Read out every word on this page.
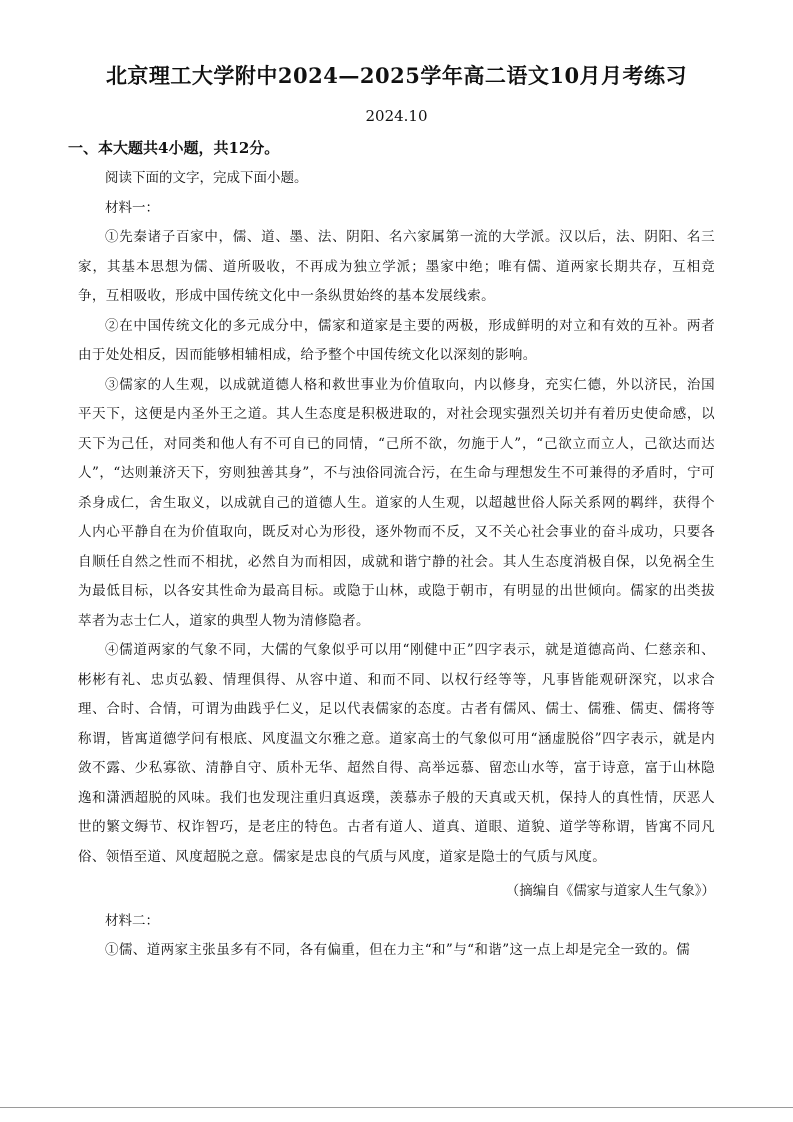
北京理工大学附中2024—2025学年高二语文10月月考练习
2024.10
一、本大题共4小题，共12分。

阅读下面的文字，完成下面小题。

材料一：

①先秦诸子百家中，儒、道、墨、法、阴阳、名六家属第一流的大学派。汉以后，法、阴阳、名三家，其基本思想为儒、道所吸收，不再成为独立学派；墨家中绝；唯有儒、道两家长期共存，互相竞争，互相吸收，形成中国传统文化中一条纵贯始终的基本发展线索。

②在中国传统文化的多元成分中，儒家和道家是主要的两极，形成鲜明的对立和有效的互补。两者由于处处相反，因而能够相辅相成，给予整个中国传统文化以深刻的影响。

③儒家的人生观，以成就道德人格和救世事业为价值取向，内以修身，充实仁德，外以济民，治国平天下，这便是内圣外王之道。其人生态度是积极进取的，对社会现实强烈关切并有着历史使命感，以天下为己任，对同类和他人有不可自已的同情，“己所不欲，勿施于人”，“己欲立而立人，己欲达而达人”，“达则兼济天下，穷则独善其身”，不与浊俗同流合污，在生命与理想发生不可兼得的矛盾时，宁可杀身成仁，舍生取义，以成就自己的道德人生。道家的人生观，以超越世俗人际关系网的羁绊，获得个人内心平静自在为价值取向，既反对心为形役，逐外物而不反，又不关心社会事业的奋斗成功，只要各自顺任自然之性而不相扰，必然自为而相因，成就和谐宁静的社会。其人生态度消极自保，以免祸全生为最低目标，以各安其性命为最高目标。或隐于山林，或隐于朝市，有明显的出世倾向。儒家的出类拔萃者为志士仁人，道家的典型人物为清修隐者。

④儒道两家的气象不同，大儒的气象似乎可以用“刚健中正”四字表示，就是道德高尚、仁慈亲和、彬彬有礼、忠贞弘毅、情理俱得、从容中道、和而不同、以权行经等等，凡事皆能观研深究，以求合理、合时、合情，可谓为曲践乎仁义，足以代表儒家的态度。古者有儒风、儒士、儒雅、儒吏、儒将等称谓，皆寓道德学问有根底、风度温文尔雅之意。道家高士的气象似可用“涵虚脱俗”四字表示，就是内敛不露、少私寡欲、清静自守、质朴无华、超然自得、高举远慕、留恋山水等，富于诗意，富于山林隐逸和潇洒超脱的风味。我们也发现注重归真返璞，羡慕赤子般的天真或天机，保持人的真性情，厌恶人世的繁文缛节、权诈智巧，是老庄的特色。古者有道人、道真、道眼、道貌、道学等称谓，皆寓不同凡俗、领悟至道、风度超脱之意。儒家是忠良的气质与风度，道家是隐士的气质与风度。

（摘编自《儒家与道家人生气象》）

材料二：

①儒、道两家主张虽多有不同，各有偏重，但在力主“和”与“和谐”这一点上却是完全一致的。儒
